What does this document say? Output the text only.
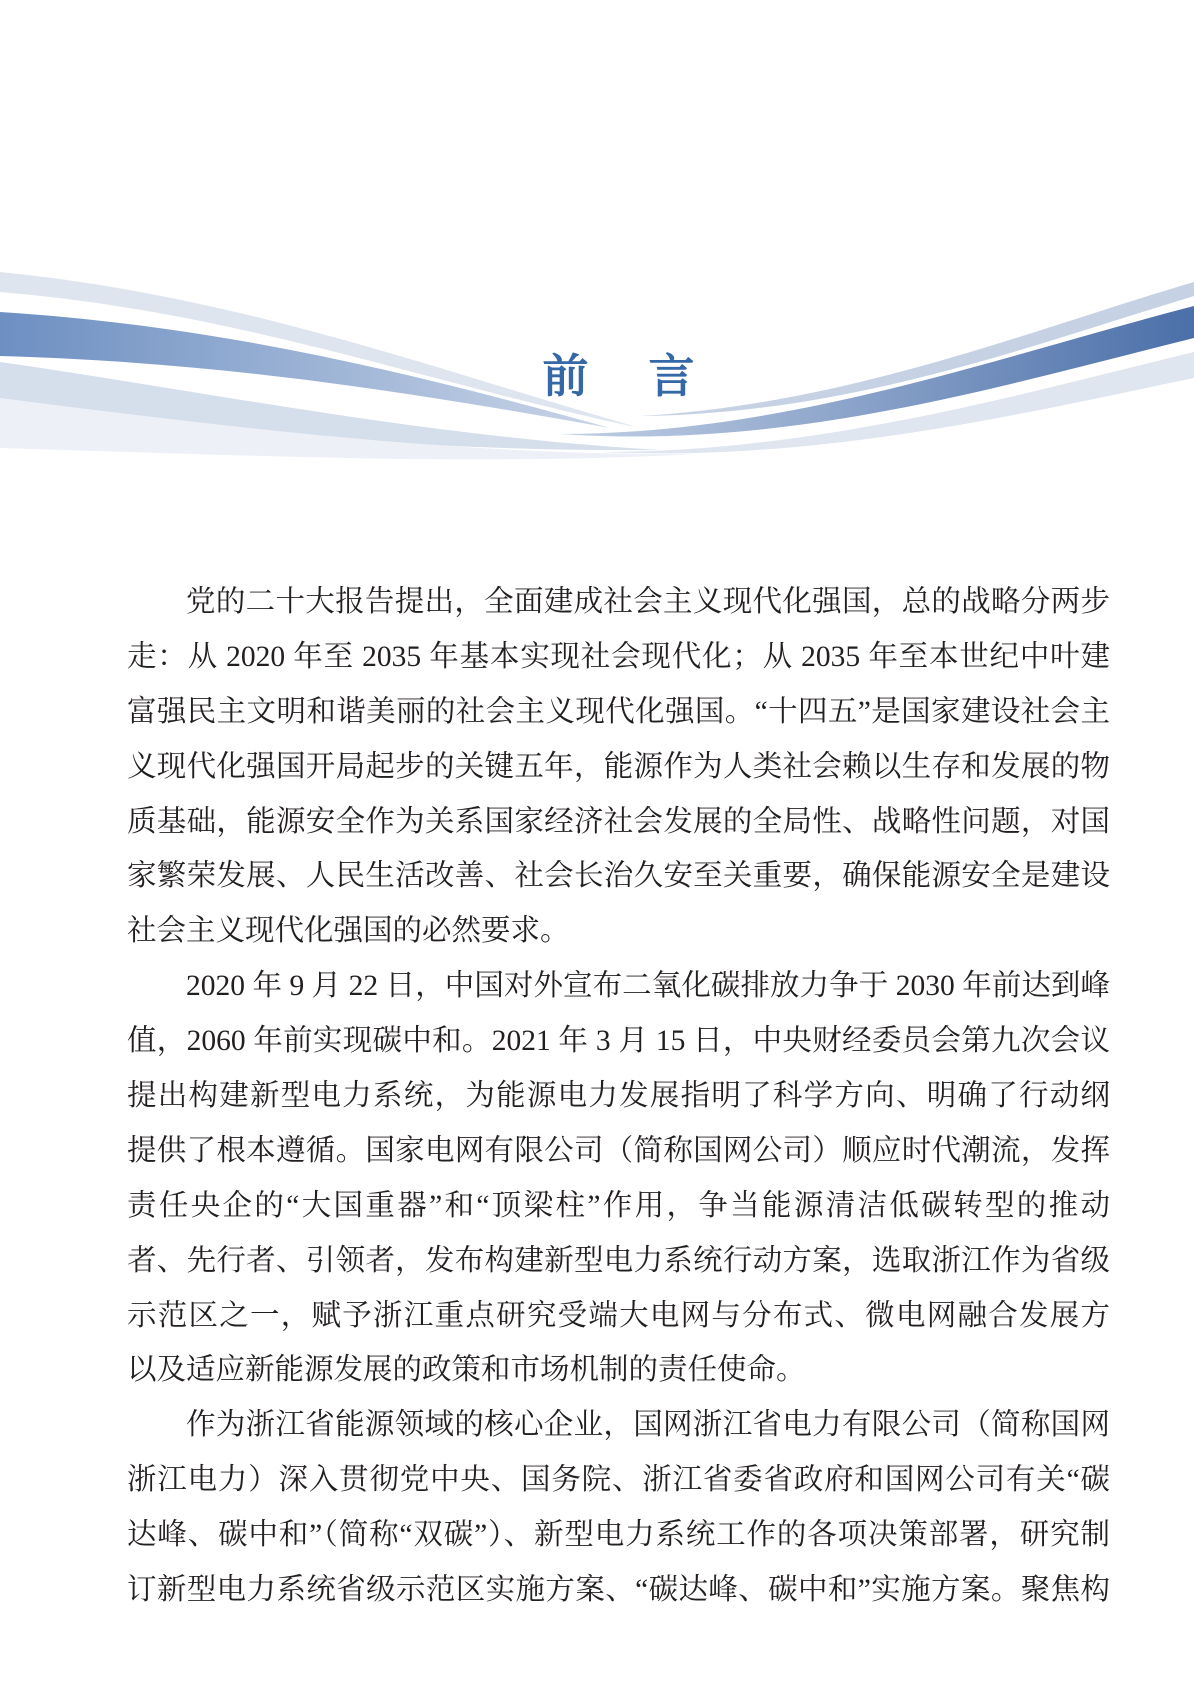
前 言
党的二十大报告提出，全面建成社会主义现代化强国，总的战略分两步
走：从 2020 年至 2035 年基本实现社会现代化；从 2035 年至本世纪中叶建
富强民主文明和谐美丽的社会主义现代化强国。“十四五”是国家建设社会主
义现代化强国开局起步的关键五年，能源作为人类社会赖以生存和发展的物
质基础，能源安全作为关系国家经济社会发展的全局性、战略性问题，对国
家繁荣发展、人民生活改善、社会长治久安至关重要，确保能源安全是建设
社会主义现代化强国的必然要求。
2020 年 9 月 22 日，中国对外宣布二氧化碳排放力争于 2030 年前达到峰
值，2060 年前实现碳中和。2021 年 3 月 15 日，中央财经委员会第九次会议
提出构建新型电力系统，为能源电力发展指明了科学方向、明确了行动纲
提供了根本遵循。国家电网有限公司（简称国网公司）顺应时代潮流，发挥
责任央企的“大国重器”和“顶梁柱”作用，争当能源清洁低碳转型的推动
者、先行者、引领者，发布构建新型电力系统行动方案，选取浙江作为省级
示范区之一，赋予浙江重点研究受端大电网与分布式、微电网融合发展方
以及适应新能源发展的政策和市场机制的责任使命。
作为浙江省能源领域的核心企业，国网浙江省电力有限公司（简称国网
浙江电力）深入贯彻党中央、国务院、浙江省委省政府和国网公司有关“碳
达峰、碳中和”（简称“双碳”）、新型电力系统工作的各项决策部署，研究制
订新型电力系统省级示范区实施方案、“碳达峰、碳中和”实施方案。聚焦构
